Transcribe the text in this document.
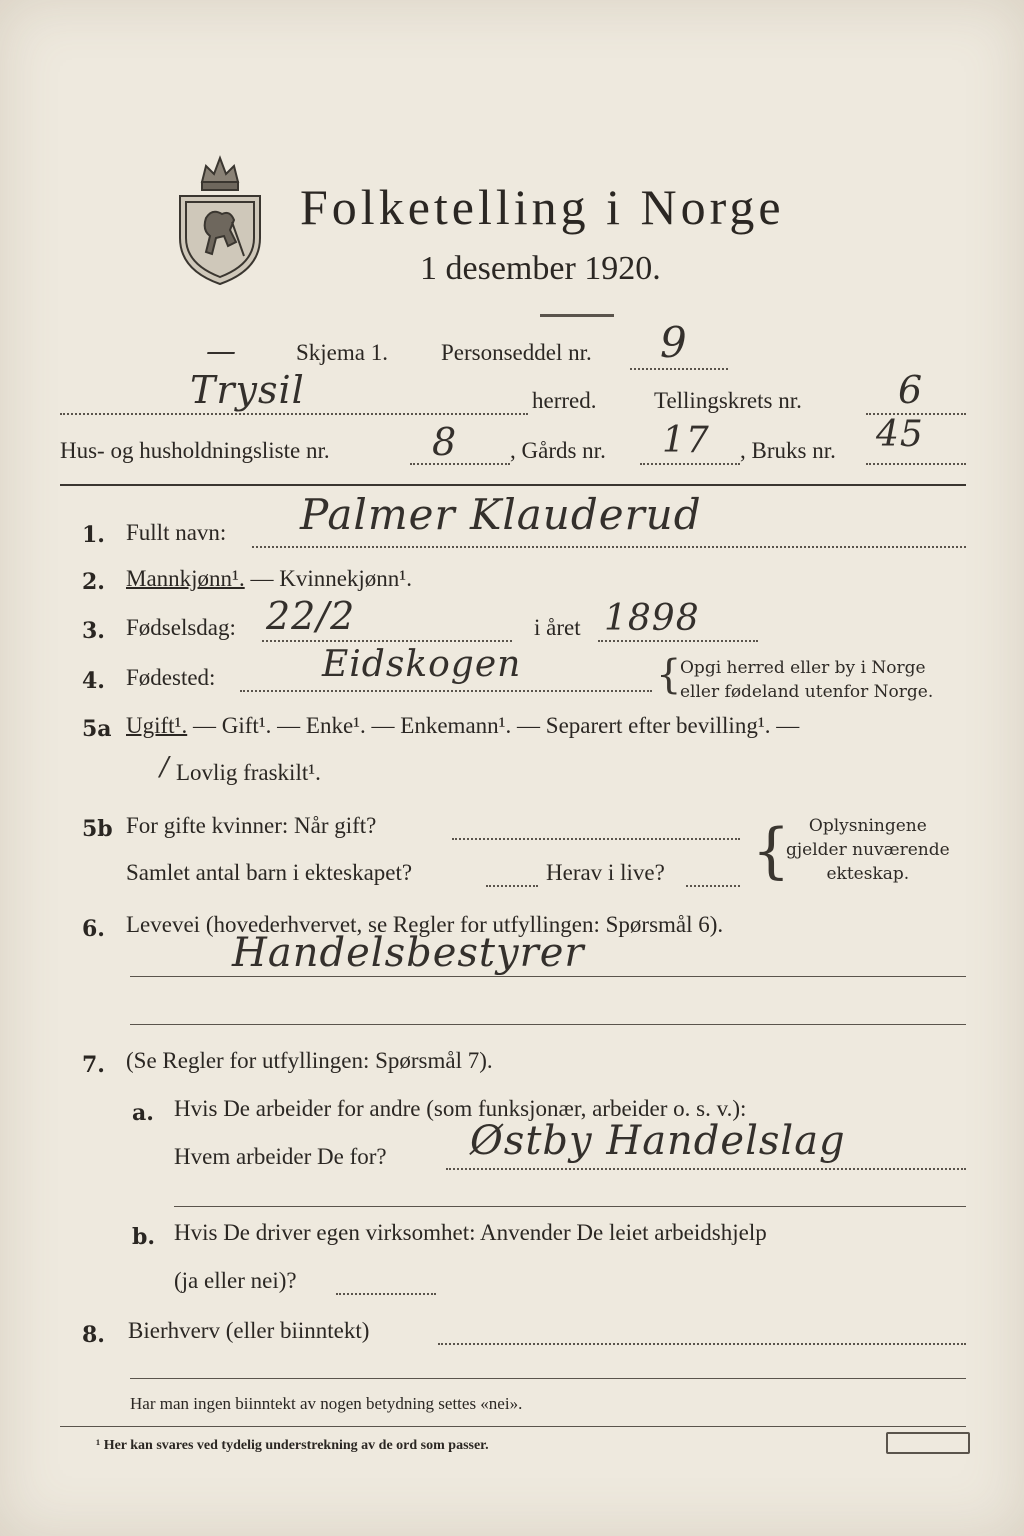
Folketelling i Norge
1 desember 1920.
—	Skjema 1. Personseddel nr. 9
Trysil	herred.	Tellingskrets nr.	6
Hus- og husholdningsliste nr.	8 , Gårds nr. 17 , Bruks nr. 45
1. Fullt navn: Palmer Klauderud
2. Mannkjønn¹. — Kvinnekjønn¹.
3. Fødselsdag: 22/2	i året 1898
4. Fødested:	Eidskogen	{
Opgi herred eller by i Norge
eller fødeland utenfor Norge.
5a Ugift¹. — Gift¹. — Enke¹. — Enkemann¹. — Separert efter bevilling¹. —
/ Lovlig fraskilt¹.
5b For gifte kvinner: Når gift?
Samlet antal barn i ekteskapet?	Herav i live? {	Oplysningene
gjelder nuværende
ekteskap.
6. Levevei (hovederhvervet, se Regler for utfyllingen: Spørsmål 6).
Handelsbestyrer
7. (Se Regler for utfyllingen: Spørsmål 7).
a. Hvis De arbeider for andre (som funksjonær, arbeider o. s. v.):
Hvem arbeider De for? Østby Handelslag
b. Hvis De driver egen virksomhet: Anvender De leiet arbeidshjelp
(ja eller nei)?
8. Bierhverv (eller biinntekt)
Har man ingen biinntekt av nogen betydning settes «nei».
¹ Her kan svares ved tydelig understrekning av de ord som passer.
